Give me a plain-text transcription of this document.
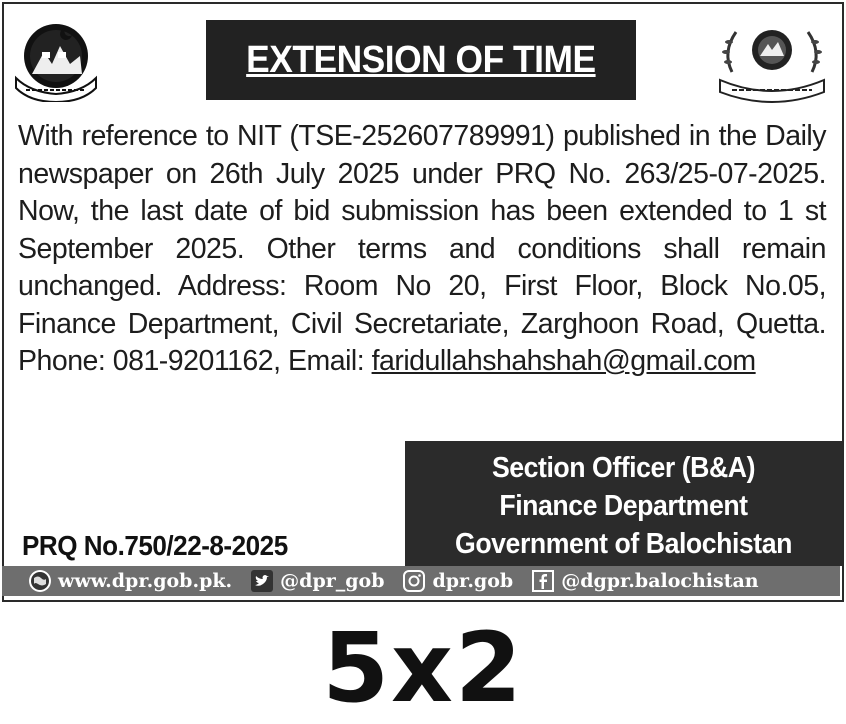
EXTENSION OF TIME

With reference to NIT (TSE-252607789991) published in the Daily newspaper on 26th July 2025 under PRQ No. 263/25-07-2025. Now, the last date of bid submission has been extended to 1 st September 2025. Other terms and conditions shall remain unchanged. Address: Room No 20, First Floor, Block No.05, Finance Department, Civil Secretariate, Zarghoon Road, Quetta. Phone: 081-9201162, Email: faridullahshahshah@gmail.com

Section Officer (B&A)
Finance Department
Government of Balochistan
PRQ No.750/22-8-2025
www.dpr.gob.pk.	@dpr_gob	dpr.gob	@dgpr.balochistan
5x2
